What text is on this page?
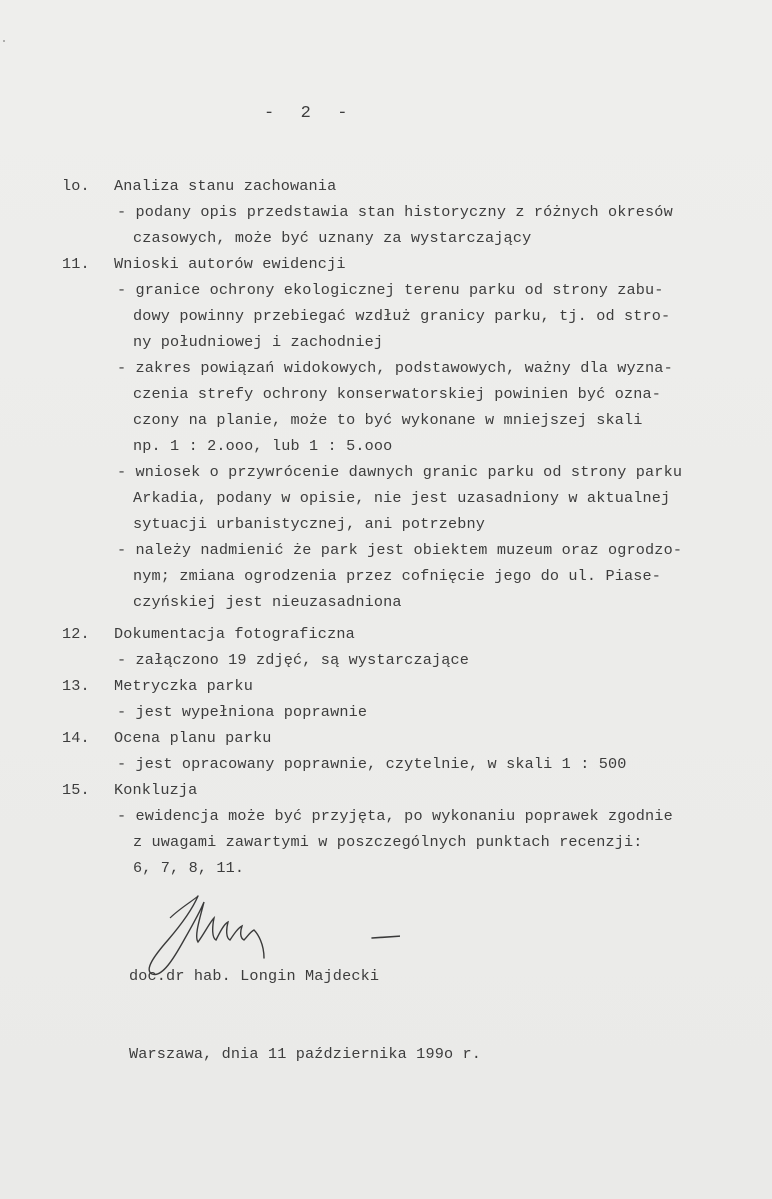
-  2  -
lo. Analiza stanu zachowania
- podany opis przedstawia stan historyczny z różnych okresów
czasowych, może być uznany za wystarczający
11. Wnioski autorów ewidencji
- granice ochrony ekologicznej terenu parku od strony zabu-
dowy powinny przebiegać wzdłuż granicy parku, tj. od stro-
ny południowej i zachodniej
- zakres powiązań widokowych, podstawowych, ważny dla wyzna-
czenia strefy ochrony konserwatorskiej powinien być ozna-
czony na planie, może to być wykonane w mniejszej skali
np. 1 : 2.ooo, lub 1 : 5.ooo
- wniosek o przywrócenie dawnych granic parku od strony parku
Arkadia, podany w opisie, nie jest uzasadniony w aktualnej
sytuacji urbanistycznej, ani potrzebny
- należy nadmienić że park jest obiektem muzeum oraz ogrodzo-
nym; zmiana ogrodzenia przez cofnięcie jego do ul. Piase-
czyńskiej jest nieuzasadniona
12. Dokumentacja fotograficzna
- załączono 19 zdjęć, są wystarczające
13. Metryczka parku
- jest wypełniona poprawnie
14. Ocena planu parku
- jest opracowany poprawnie, czytelnie, w skali 1 : 500
15. Konkluzja
- ewidencja może być przyjęta, po wykonaniu poprawek zgodnie
z uwagami zawartymi w poszczególnych punktach recenzji:
6, 7, 8, 11.
doc.dr hab. Longin Majdecki
Warszawa, dnia 11 października 199o r.
